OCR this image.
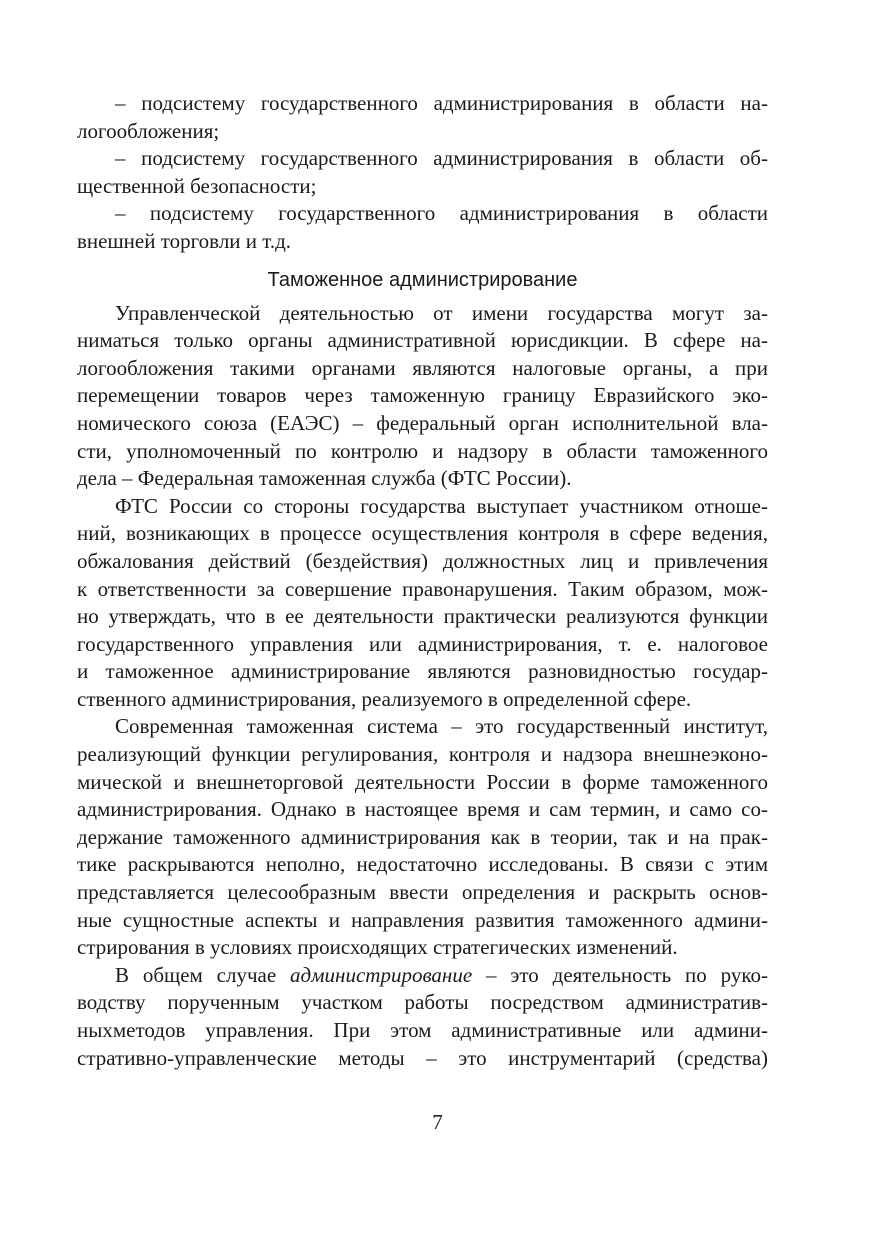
– подсистему государственного администрирования в области на-
логообложения;
– подсистему государственного администрирования в области об-
щественной безопасности;
– подсистему государственного администрирования в области
внешней торговли и т.д.
Таможенное администрирование
Управленческой деятельностью от имени государства могут за-
ниматься только органы административной юрисдикции. В сфере на-
логообложения такими органами являются налоговые органы, а при
перемещении товаров через таможенную границу Евразийского эко-
номического союза (ЕАЭС) – федеральный орган исполнительной вла-
сти, уполномоченный по контролю и надзору в области таможенного
дела – Федеральная таможенная служба (ФТС России).
ФТС России со стороны государства выступает участником отноше-
ний, возникающих в процессе осуществления контроля в сфере ведения,
обжалования действий (бездействия) должностных лиц и привлечения
к ответственности за совершение правонарушения. Таким образом, мож-
но утверждать, что в ее деятельности практически реализуются функции
государственного управления или администрирования, т. е. налоговое
и таможенное администрирование являются разновидностью государ-
ственного администрирования, реализуемого в определенной сфере.
Современная таможенная система – это государственный институт,
реализующий функции регулирования, контроля и надзора внешнеэконо-
мической и внешнеторговой деятельности России в форме таможенного
администрирования. Однако в настоящее время и сам термин, и само со-
держание таможенного администрирования как в теории, так и на прак-
тике раскрываются неполно, недостаточно исследованы. В связи с этим
представляется целесообразным ввести определения и раскрыть основ-
ные сущностные аспекты и направления развития таможенного админи-
стрирования в условиях происходящих стратегических изменений.
В общем случае администрирование – это деятельность по руко-
водству порученным участком работы посредством административ-
ныхметодов управления. При этом административные или админи-
стративно-управленческие методы – это инструментарий (средства)
7
